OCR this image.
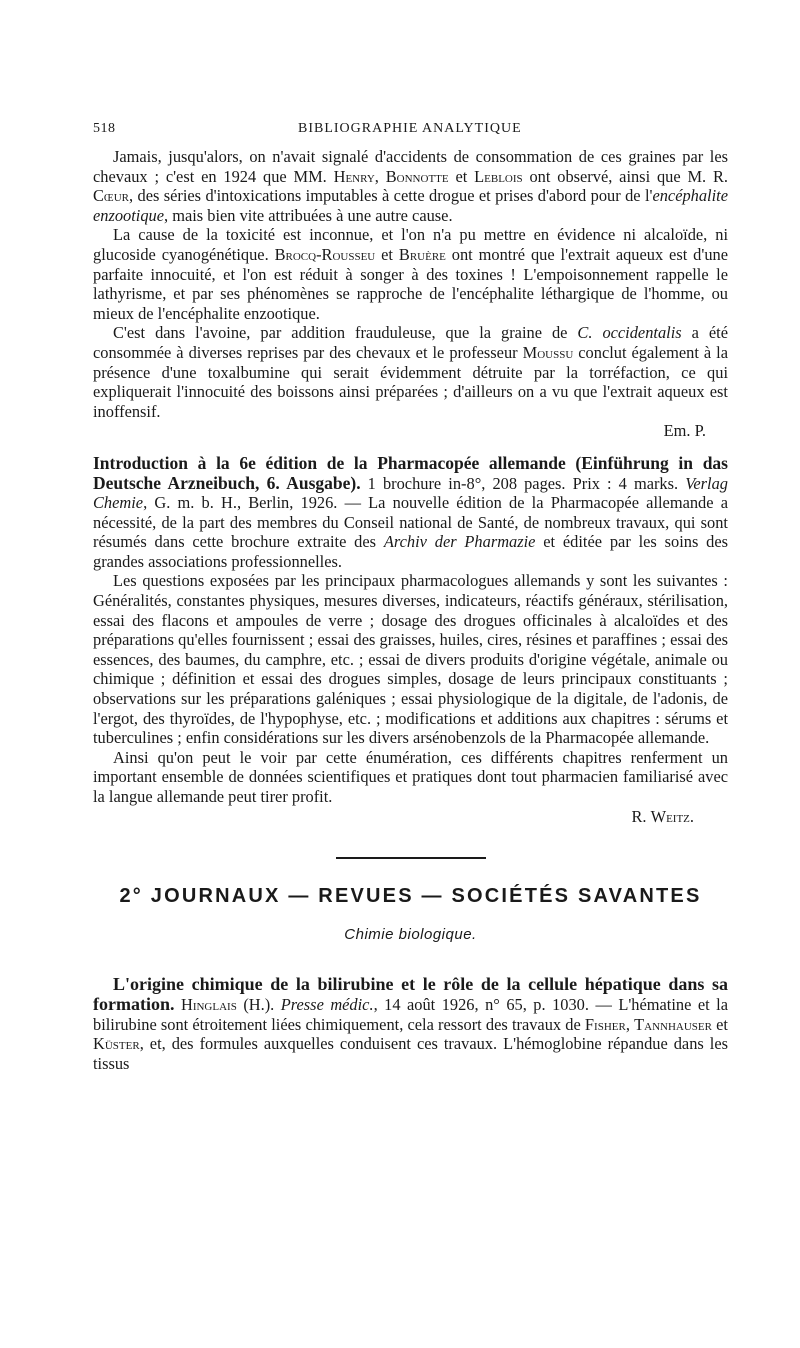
518	BIBLIOGRAPHIE ANALYTIQUE

Jamais, jusqu'alors, on n'avait signalé d'accidents de consommation de ces graines par les chevaux ; c'est en 1924 que MM. Henry, Bonnotte et Leblois ont observé, ainsi que M. R. Cœur, des séries d'intoxications imputables à cette drogue et prises d'abord pour de l'encéphalite enzootique, mais bien vite attribuées à une autre cause.

La cause de la toxicité est inconnue, et l'on n'a pu mettre en évidence ni alcaloïde, ni glucoside cyanogénétique. Brocq-Rousseu et Bruère ont montré que l'extrait aqueux est d'une parfaite innocuité, et l'on est réduit à songer à des toxines ! L'empoisonnement rappelle le lathyrisme, et par ses phénomènes se rapproche de l'encéphalite léthargique de l'homme, ou mieux de l'encéphalite enzootique.

C'est dans l'avoine, par addition frauduleuse, que la graine de C. occidentalis a été consommée à diverses reprises par des chevaux et le professeur Moussu conclut également à la présence d'une toxalbumine qui serait évidemment détruite par la torréfaction, ce qui expliquerait l'innocuité des boissons ainsi préparées ; d'ailleurs on a vu que l'extrait aqueux est inoffensif.

Em. P.

Introduction à la 6e édition de la Pharmacopée allemande (Einführung in das Deutsche Arzneibuch, 6. Ausgabe). 1 brochure in-8°, 208 pages. Prix : 4 marks. Verlag Chemie, G. m. b. H., Berlin, 1926. — La nouvelle édition de la Pharmacopée allemande a nécessité, de la part des membres du Conseil national de Santé, de nombreux travaux, qui sont résumés dans cette brochure extraite des Archiv der Pharmazie et éditée par les soins des grandes associations professionnelles.

Les questions exposées par les principaux pharmacologues allemands y sont les suivantes : Généralités, constantes physiques, mesures diverses, indicateurs, réactifs généraux, stérilisation, essai des flacons et ampoules de verre ; dosage des drogues officinales à alcaloïdes et des préparations qu'elles fournissent ; essai des graisses, huiles, cires, résines et paraffines ; essai des essences, des baumes, du camphre, etc. ; essai de divers produits d'origine végétale, animale ou chimique ; définition et essai des drogues simples, dosage de leurs principaux constituants ; observations sur les préparations galéniques ; essai physiologique de la digitale, de l'adonis, de l'ergot, des thyroïdes, de l'hypophyse, etc. ; modifications et additions aux chapitres : sérums et tuberculines ; enfin considérations sur les divers arsénobenzols de la Pharmacopée allemande.

Ainsi qu'on peut le voir par cette énumération, ces différents chapitres renferment un important ensemble de données scientifiques et pratiques dont tout pharmacien familiarisé avec la langue allemande peut tirer profit.

R. Weitz.

2° JOURNAUX — REVUES — SOCIÉTÉS SAVANTES
Chimie biologique.

L'origine chimique de la bilirubine et le rôle de la cellule hépatique dans sa formation. Hinglais (H.). Presse médic., 14 août 1926, n° 65, p. 1030. — L'hématine et la bilirubine sont étroitement liées chimiquement, cela ressort des travaux de Fisher, Tannhauser et Küster, et, des formules auxquelles conduisent ces travaux. L'hémoglobine répandue dans les tissus
